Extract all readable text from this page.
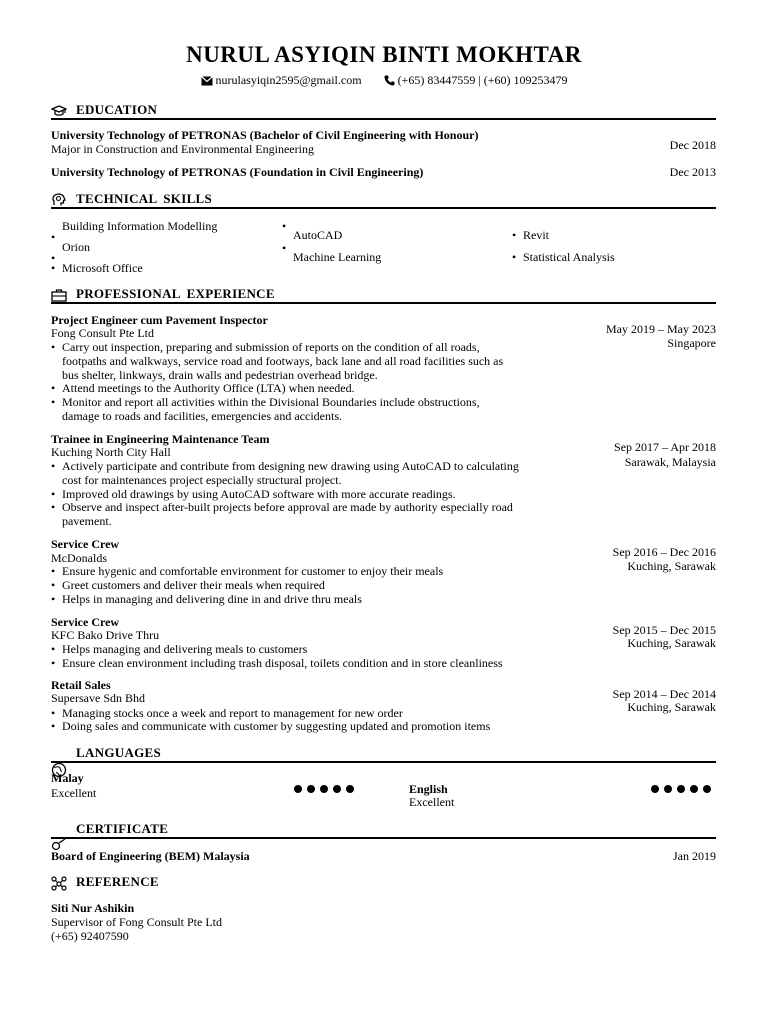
NURUL ASYIQIN BINTI MOKHTAR
nurulasyiqin2595@gmail.com	(+65) 83447559 | (+60) 109253479
EDUCATION
University Technology of PETRONAS (Bachelor of Civil Engineering with Honour)
Major in Construction and Environmental Engineering	Dec 2018
University Technology of PETRONAS (Foundation in Civil Engineering)	Dec 2013
TECHNICAL SKILLS
•
Building Information Modelling
•
Orion
• Microsoft Office
•
AutoCAD
•
Machine Learning
• Revit
• Statistical Analysis
PROFESSIONAL EXPERIENCE
Project Engineer cum Pavement Inspector
Fong Consult Pte Ltd	May 2019 – May 2023
Singapore
• Carry out inspection, preparing and submission of reports on the condition of all roads,
footpaths and walkways, service road and footways, back lane and all road facilities such as
bus shelter, linkways, drain walls and pedestrian overhead bridge.
• Attend meetings to the Authority Office (LTA) when needed.
• Monitor and report all activities within the Divisional Boundaries include obstructions,
damage to roads and facilities, emergencies and accidents.
Trainee in Engineering Maintenance Team
Kuching North City Hall	Sep 2017 – Apr 2018
Sarawak, Malaysia
• Actively participate and contribute from designing new drawing using AutoCAD to calculating
cost for maintenances project especially structural project.
• Improved old drawings by using AutoCAD software with more accurate readings.
• Observe and inspect after-built projects before approval are made by authority especially road
pavement.
Service Crew
McDonalds	Sep 2016 – Dec 2016
Kuching, Sarawak
• Ensure hygenic and comfortable environment for customer to enjoy their meals
• Greet customers and deliver their meals when required
• Helps in managing and delivering dine in and drive thru meals
Service Crew
KFC Bako Drive Thru	Sep 2015 – Dec 2015
Kuching, Sarawak
• Helps managing and delivering meals to customers
• Ensure clean environment including trash disposal, toilets condition and in store cleanliness
Retail Sales
Supersave Sdn Bhd	Sep 2014 – Dec 2014
Kuching, Sarawak
• Managing stocks once a week and report to management for new order
• Doing sales and communicate with customer by suggesting updated and promotion items
LANGUAGES
Malay
Excellent	English
Excellent
CERTIFICATE
Board of Engineering (BEM) Malaysia	Jan 2019
REFERENCE
Siti Nur Ashikin
Supervisor of Fong Consult Pte Ltd
(+65) 92407590
